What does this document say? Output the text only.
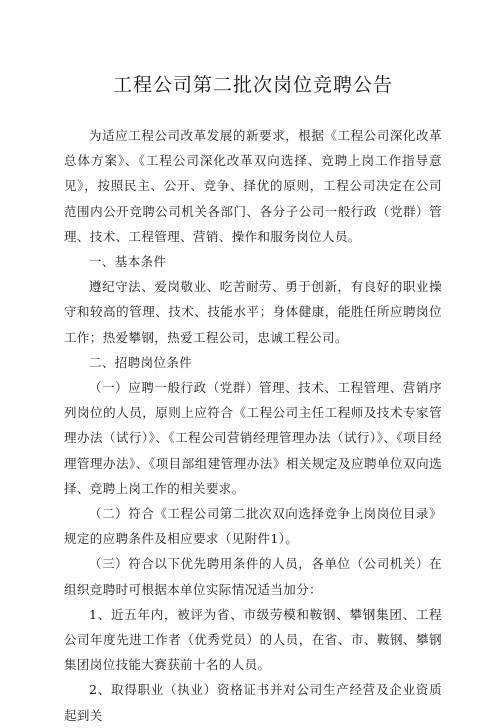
工程公司第二批次岗位竞聘公告

为适应工程公司改革发展的新要求，根据《工程公司深化改革总体方案》、《工程公司深化改革双向选择、竞聘上岗工作指导意见》，按照民主、公开、竞争、择优的原则，工程公司决定在公司范围内公开竞聘公司机关各部门、各分子公司一般行政（党群）管理、技术、工程管理、营销、操作和服务岗位人员。

一、基本条件

遵纪守法、爱岗敬业、吃苦耐劳、勇于创新，有良好的职业操守和较高的管理、技术、技能水平；身体健康，能胜任所应聘岗位工作；热爱攀钢，热爱工程公司，忠诚工程公司。

二、招聘岗位条件

（一）应聘一般行政（党群）管理、技术、工程管理、营销序列岗位的人员，原则上应符合《工程公司主任工程师及技术专家管理办法（试行）》、《工程公司营销经理管理办法（试行）》、《项目经理管理办法》、《项目部组建管理办法》相关规定及应聘单位双向选择、竞聘上岗工作的相关要求。

（二）符合《工程公司第二批次双向选择竞争上岗岗位目录》规定的应聘条件及相应要求（见附件1）。

（三）符合以下优先聘用条件的人员，各单位（公司机关）在组织竞聘时可根据本单位实际情况适当加分：

1、近五年内，被评为省、市级劳模和鞍钢、攀钢集团、工程公司年度先进工作者（优秀党员）的人员，在省、市、鞍钢、攀钢集团岗位技能大赛获前十名的人员。

2、取得职业（执业）资格证书并对公司生产经营及企业资质起到关
